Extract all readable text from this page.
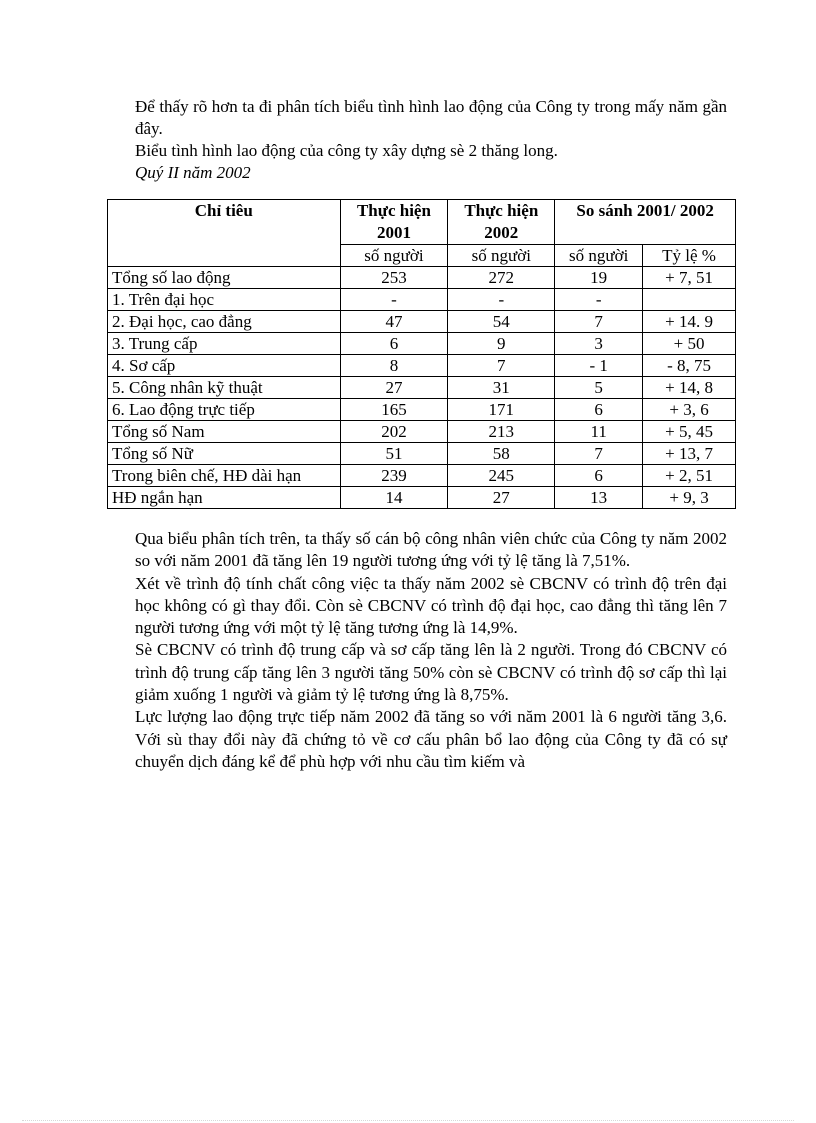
Để thấy rõ hơn ta đi phân tích biểu tình hình lao động của Công ty trong mấy năm gần đây.

Biểu tình hình lao động của công ty xây dựng sè 2 thăng long.

Quý II năm 2002

Chỉ tiêu	Thực hiện 2001	Thực hiện 2002	So sánh 2001/ 2002	
	số người	số người	số người	Tỷ lệ %
Tổng số lao động	253	272	19	+ 7, 51
1. Trên đại học	-	-	-	
2. Đại học, cao đẳng	47	54	7	+ 14. 9
3. Trung cấp	6	9	3	+ 50
4. Sơ cấp	8	7	- 1	- 8, 75
5. Công nhân kỹ thuật	27	31	5	+ 14, 8
6. Lao động trực tiếp	165	171	6	+ 3, 6
Tổng số Nam	202	213	11	+ 5, 45
Tổng số Nữ	51	58	7	+ 13, 7
Trong biên chế, HĐ dài hạn	239	245	6	+ 2, 51
HĐ ngắn hạn	14	27	13	+ 9, 3

Qua biểu phân tích trên, ta thấy số cán bộ công nhân viên chức của Công ty năm 2002 so với năm 2001 đã tăng lên 19 người tương ứng với tỷ lệ tăng là 7,51%.

Xét về trình độ tính chất công việc ta thấy năm 2002 sè CBCNV có trình độ trên đại học không có gì thay đổi. Còn sè CBCNV có trình độ đại học, cao đẳng thì tăng lên 7 người tương ứng với một tỷ lệ tăng tương ứng là 14,9%.

Sè CBCNV có trình độ trung cấp và sơ cấp tăng lên là 2 người. Trong đó CBCNV có trình độ trung cấp tăng lên 3 người tăng 50% còn sè CBCNV có trình độ sơ cấp thì lại giảm xuống 1 người và giảm tỷ lệ tương ứng là 8,75%.

Lực lượng lao động trực tiếp năm 2002 đã tăng so với năm 2001 là 6 người tăng 3,6. Với sù thay đổi này đã chứng tỏ về cơ cấu phân bổ lao động của Công ty đã có sự chuyển dịch đáng kể để phù hợp với nhu cầu tìm kiếm và
